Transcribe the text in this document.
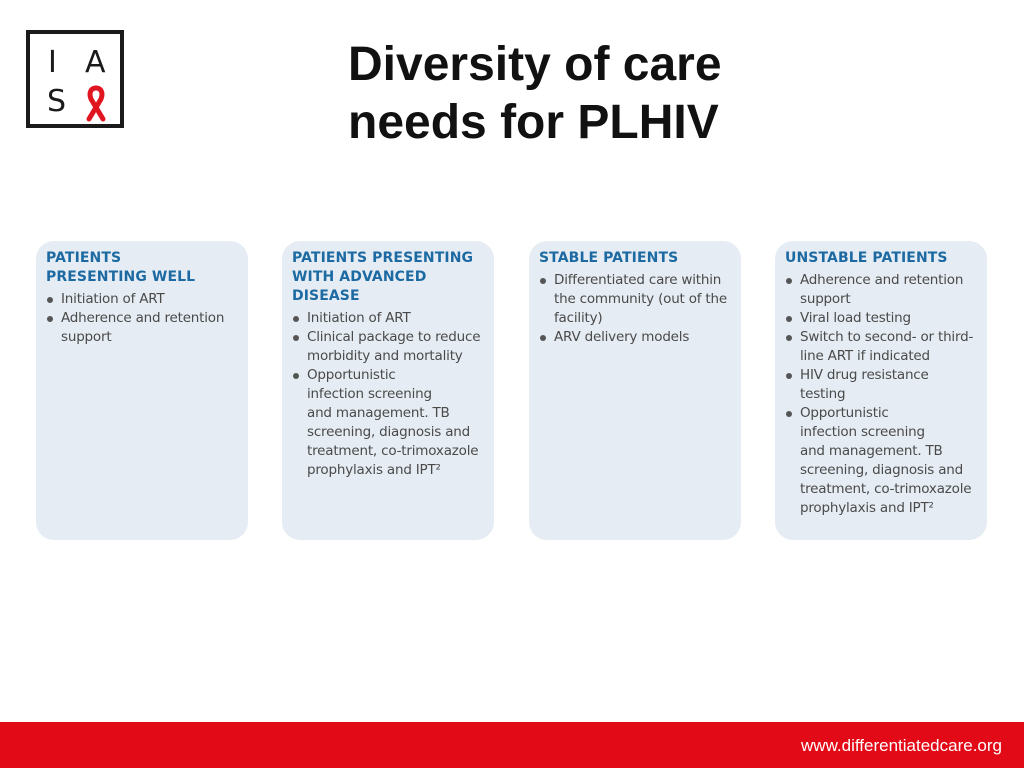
I A
S
Diversity of care
needs for PLHIV
PATIENTS PRESENTING WELL
Initiation of ART
Adherence and retention
support
PATIENTS PRESENTING WITH ADVANCED DISEASE
Initiation of ART
Clinical package to reduce
morbidity and mortality
Opportunistic
infection screening
and management. TB
screening, diagnosis and
treatment, co-trimoxazole
prophylaxis and IPT²
STABLE PATIENTS
Differentiated care within
the community (out of the
facility)
ARV delivery models
UNSTABLE PATIENTS
Adherence and retention
support
Viral load testing
Switch to second- or third-
line ART if indicated
HIV drug resistance
testing
Opportunistic
infection screening
and management. TB
screening, diagnosis and
treatment, co-trimoxazole
prophylaxis and IPT²
www.differentiatedcare.org
